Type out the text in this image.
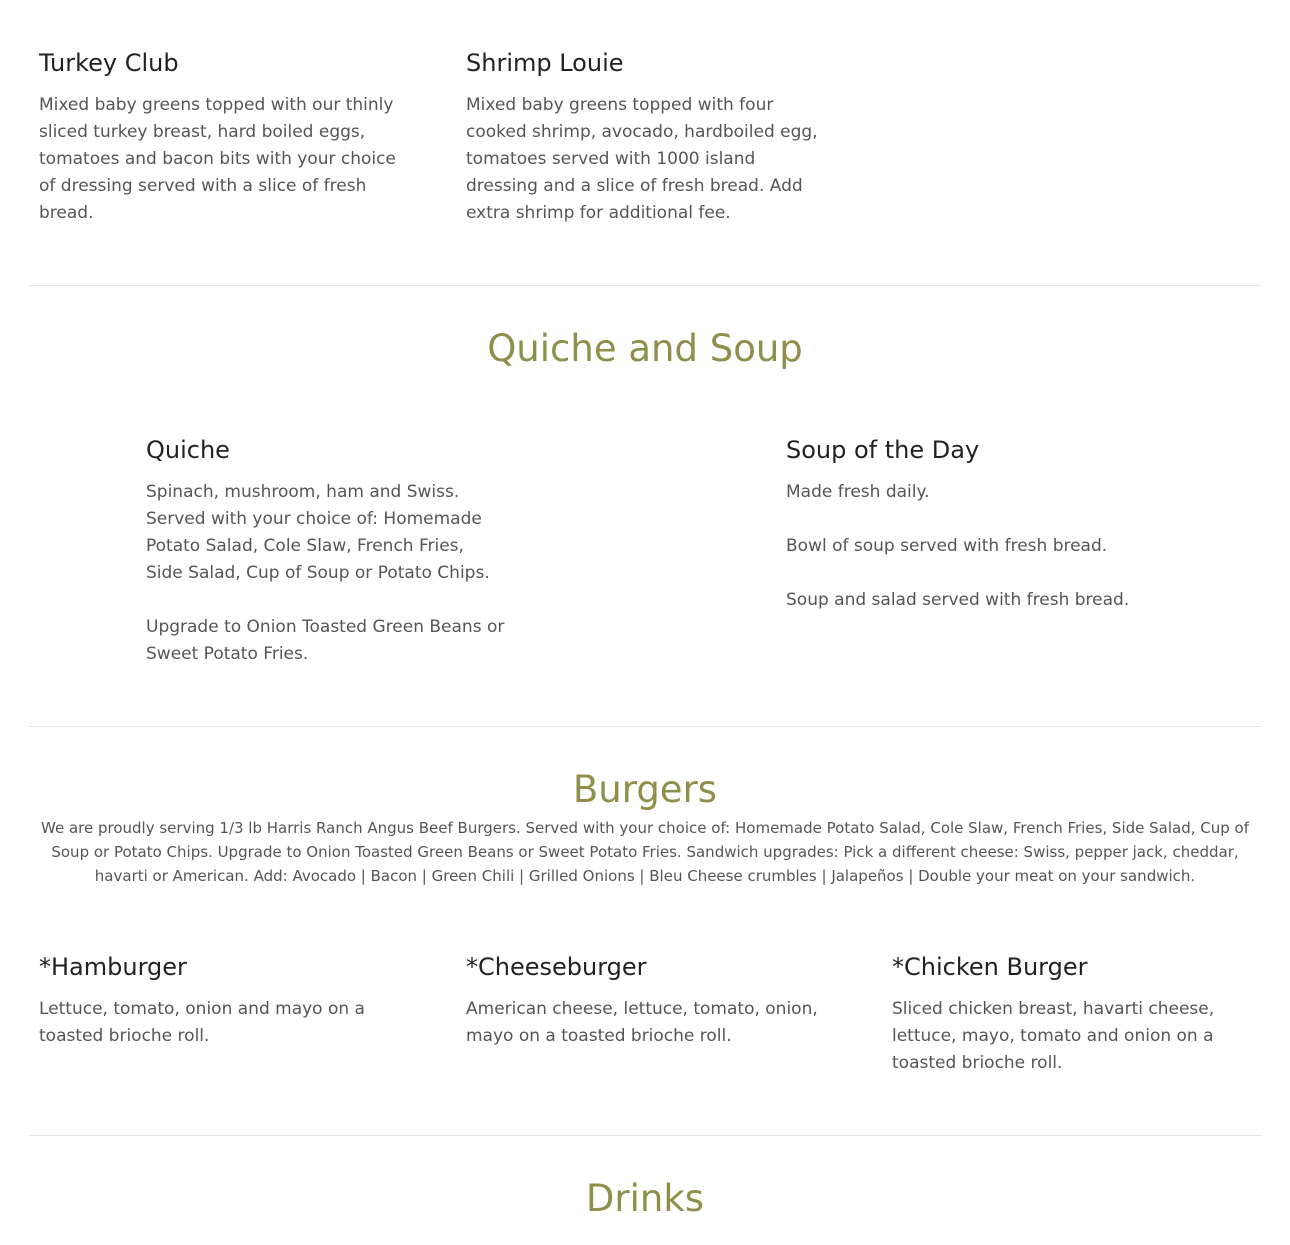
Turkey Club

Mixed baby greens topped with our thinly sliced turkey breast, hard boiled eggs, tomatoes and bacon bits with your choice of dressing served with a slice of fresh bread.

Shrimp Louie

Mixed baby greens topped with four cooked shrimp, avocado, hardboiled egg, tomatoes served with 1000 island dressing and a slice of fresh bread. Add extra shrimp for additional fee.

Quiche and Soup
Quiche

Spinach, mushroom, ham and Swiss. Served with your choice of: Homemade Potato Salad, Cole Slaw, French Fries, Side Salad, Cup of Soup or Potato Chips.

Upgrade to Onion Toasted Green Beans or Sweet Potato Fries.

Soup of the Day

Made fresh daily.

Bowl of soup served with fresh bread.

Soup and salad served with fresh bread.

Burgers

We are proudly serving 1/3 lb Harris Ranch Angus Beef Burgers. Served with your choice of: Homemade Potato Salad, Cole Slaw, French Fries, Side Salad, Cup of Soup or Potato Chips. Upgrade to Onion Toasted Green Beans or Sweet Potato Fries. Sandwich upgrades: Pick a different cheese: Swiss, pepper jack, cheddar, havarti or American. Add: Avocado | Bacon | Green Chili | Grilled Onions | Bleu Cheese crumbles | Jalapeños | Double your meat on your sandwich.

*Hamburger

Lettuce, tomato, onion and mayo on a toasted brioche roll.

*Cheeseburger

American cheese, lettuce, tomato, onion, mayo on a toasted brioche roll.

*Chicken Burger

Sliced chicken breast, havarti cheese, lettuce, mayo, tomato and onion on a toasted brioche roll.

Drinks
